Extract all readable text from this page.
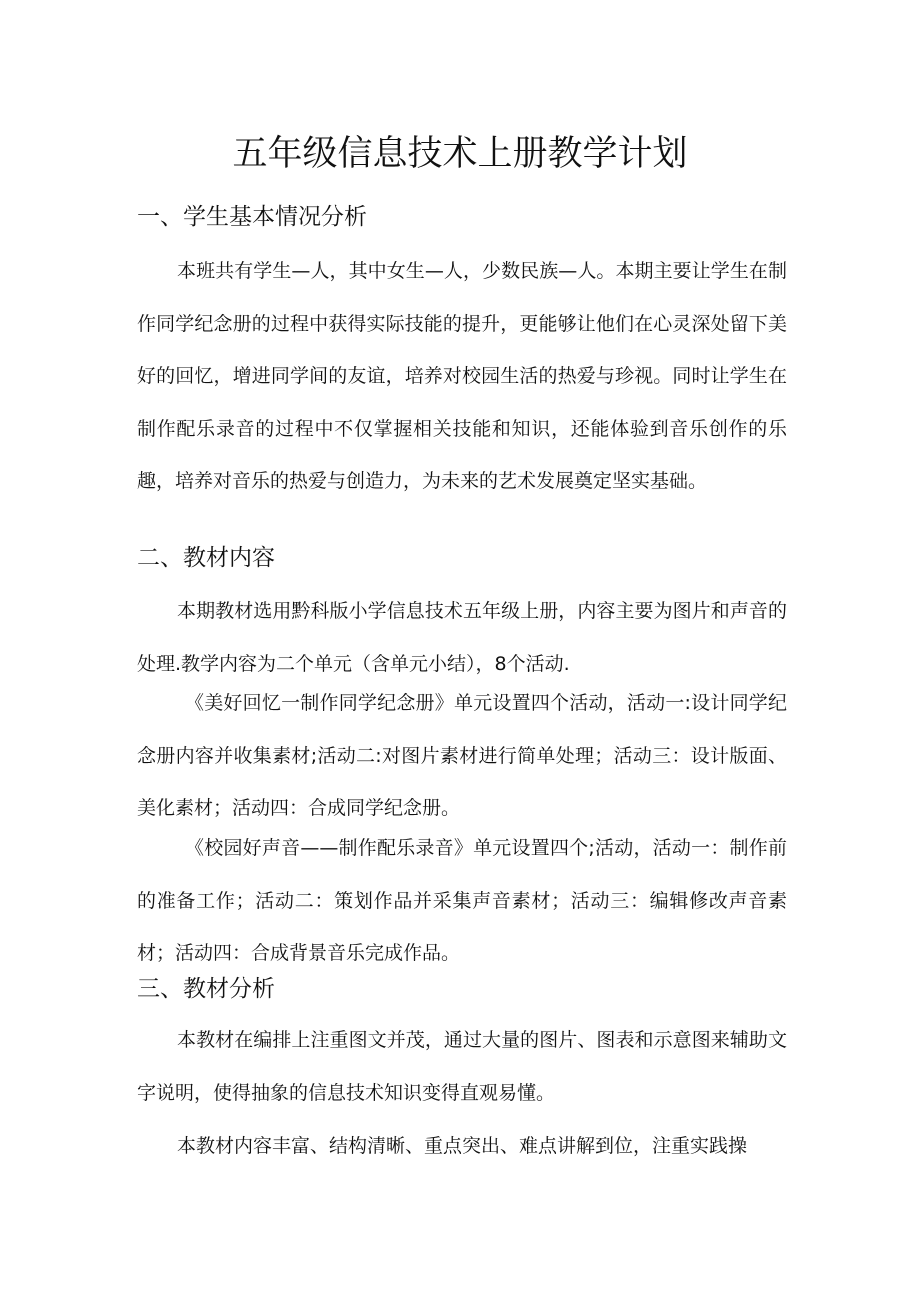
五年级信息技术上册教学计划
一、学生基本情况分析
本班共有学生—人，其中女生—人，少数民族—人。本期主要让学生在制作同学纪念册的过程中获得实际技能的提升，更能够让他们在心灵深处留下美好的回忆，增进同学间的友谊，培养对校园生活的热爱与珍视。同时让学生在制作配乐录音的过程中不仅掌握相关技能和知识，还能体验到音乐创作的乐趣，培养对音乐的热爱与创造力，为未来的艺术发展奠定坚实基础。
二、教材内容
本期教材选用黔科版小学信息技术五年级上册，内容主要为图片和声音的处理.教学内容为二个单元（含单元小结），8个活动.
《美好回忆一制作同学纪念册》单元设置四个活动，活动一:设计同学纪念册内容并收集素材;活动二:对图片素材进行简单处理；活动三：设计版面、美化素材；活动四：合成同学纪念册。
《校园好声音——制作配乐录音》单元设置四个;活动，活动一：制作前的准备工作；活动二：策划作品并采集声音素材；活动三：编辑修改声音素材；活动四：合成背景音乐完成作品。
三、教材分析
本教材在编排上注重图文并茂，通过大量的图片、图表和示意图来辅助文字说明，使得抽象的信息技术知识变得直观易懂。
本教材内容丰富、结构清晰、重点突出、难点讲解到位，注重实践操
